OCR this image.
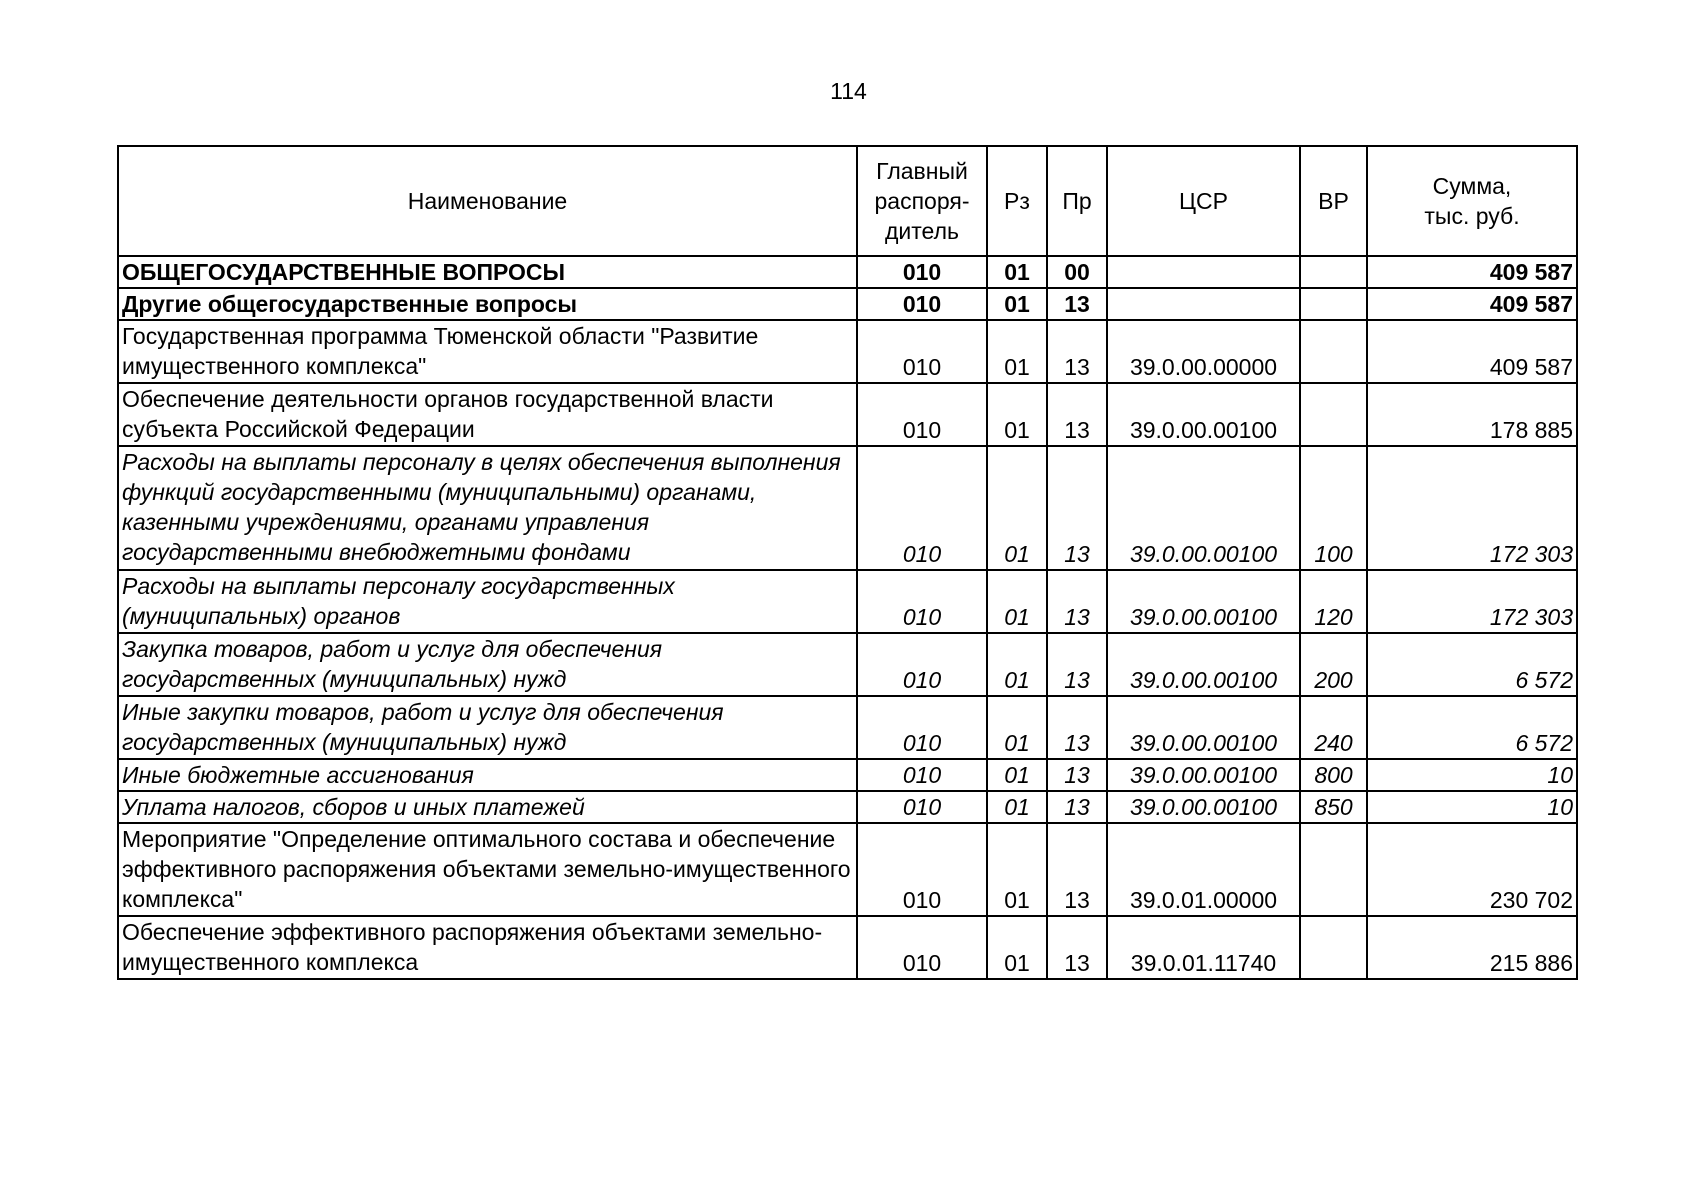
114
Наименование	Главный распоря-дитель	Рз	Пр	ЦСР	ВР	Сумма, тыс. руб.
ОБЩЕГОСУДАРСТВЕННЫЕ ВОПРОСЫ	010	01	00			409 587
Другие общегосударственные вопросы	010	01	13			409 587
Государственная программа Тюменской области "Развитие имущественного комплекса"	010	01	13	39.0.00.00000		409 587
Обеспечение деятельности органов государственной власти субъекта Российской Федерации	010	01	13	39.0.00.00100		178 885
Расходы на выплаты персоналу в целях обеспечения выполнения функций государственными (муниципальными) органами, казенными учреждениями, органами управления государственными внебюджетными фондами	010	01	13	39.0.00.00100	100	172 303
Расходы на выплаты персоналу государственных (муниципальных) органов	010	01	13	39.0.00.00100	120	172 303
Закупка товаров, работ и услуг для обеспечения государственных (муниципальных) нужд	010	01	13	39.0.00.00100	200	6 572
Иные закупки товаров, работ и услуг для обеспечения государственных (муниципальных) нужд	010	01	13	39.0.00.00100	240	6 572
Иные бюджетные ассигнования	010	01	13	39.0.00.00100	800	10
Уплата налогов, сборов и иных платежей	010	01	13	39.0.00.00100	850	10
Мероприятие "Определение оптимального состава и обеспечение эффективного распоряжения объектами земельно-имущественного комплекса"	010	01	13	39.0.01.00000		230 702
Обеспечение эффективного распоряжения объектами земельно-имущественного комплекса	010	01	13	39.0.01.11740		215 886
